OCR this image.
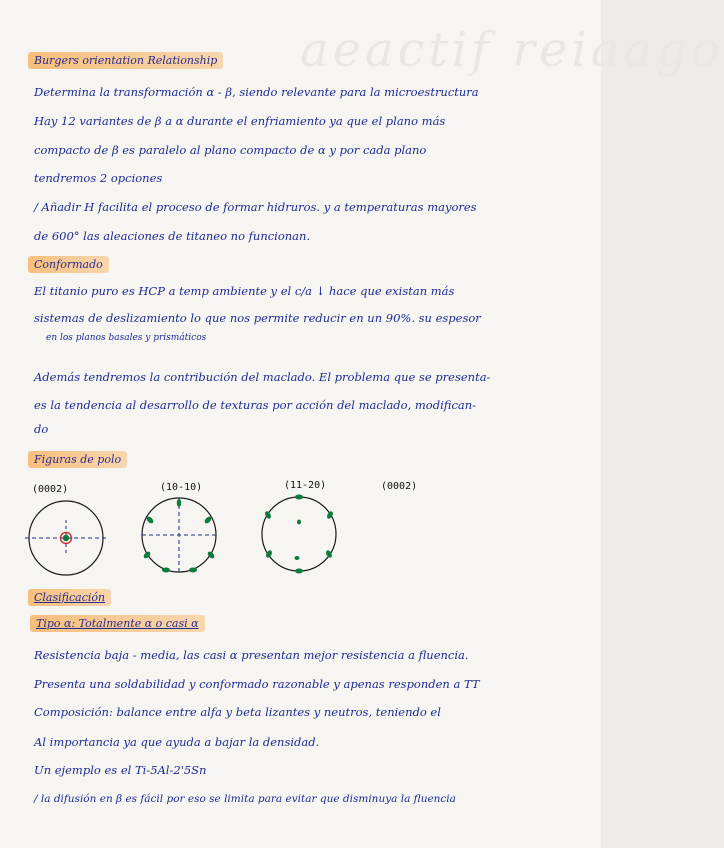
aeactif reiaago
Burgers orientation Relationship
Determina la transformación α - β, siendo relevante para la microestructura
Hay 12 variantes de β a α durante el enfriamiento ya que el plano más
compacto de β es paralelo al plano compacto de α y por cada plano
tendremos 2 opciones
/ Añadir H facilita el proceso de formar hidruros. y a temperaturas mayores
de 600° las aleaciones de titaneo no funcionan.
Conformado
El titanio puro es HCP a temp ambiente y el c/a ↓ hace que existan más
sistemas de deslizamiento lo que nos permite reducir en un 90%. su espesor
en los planos basales y prismáticos
Además tendremos la contribución del maclado. El problema que se presenta-
es la tendencia al desarrollo de texturas por acción del maclado, modifican-
do
Figuras de polo
(0002)	(10-10)	(11-20)	(0002)
Clasificación
Tipo α: Totalmente α o casi α
Resistencia baja - media, las casi α presentan mejor resistencia a fluencia.
Presenta una soldabilidad y conformado razonable y apenas responden a TT
Composición: balance entre alfa y beta lizantes y neutros, teniendo el
Al importancia ya que ayuda a bajar la densidad.
Un ejemplo es el Ti-5Al-2'5Sn
/ la difusión en β es fácil por eso se limita para evitar que disminuya la fluencia
